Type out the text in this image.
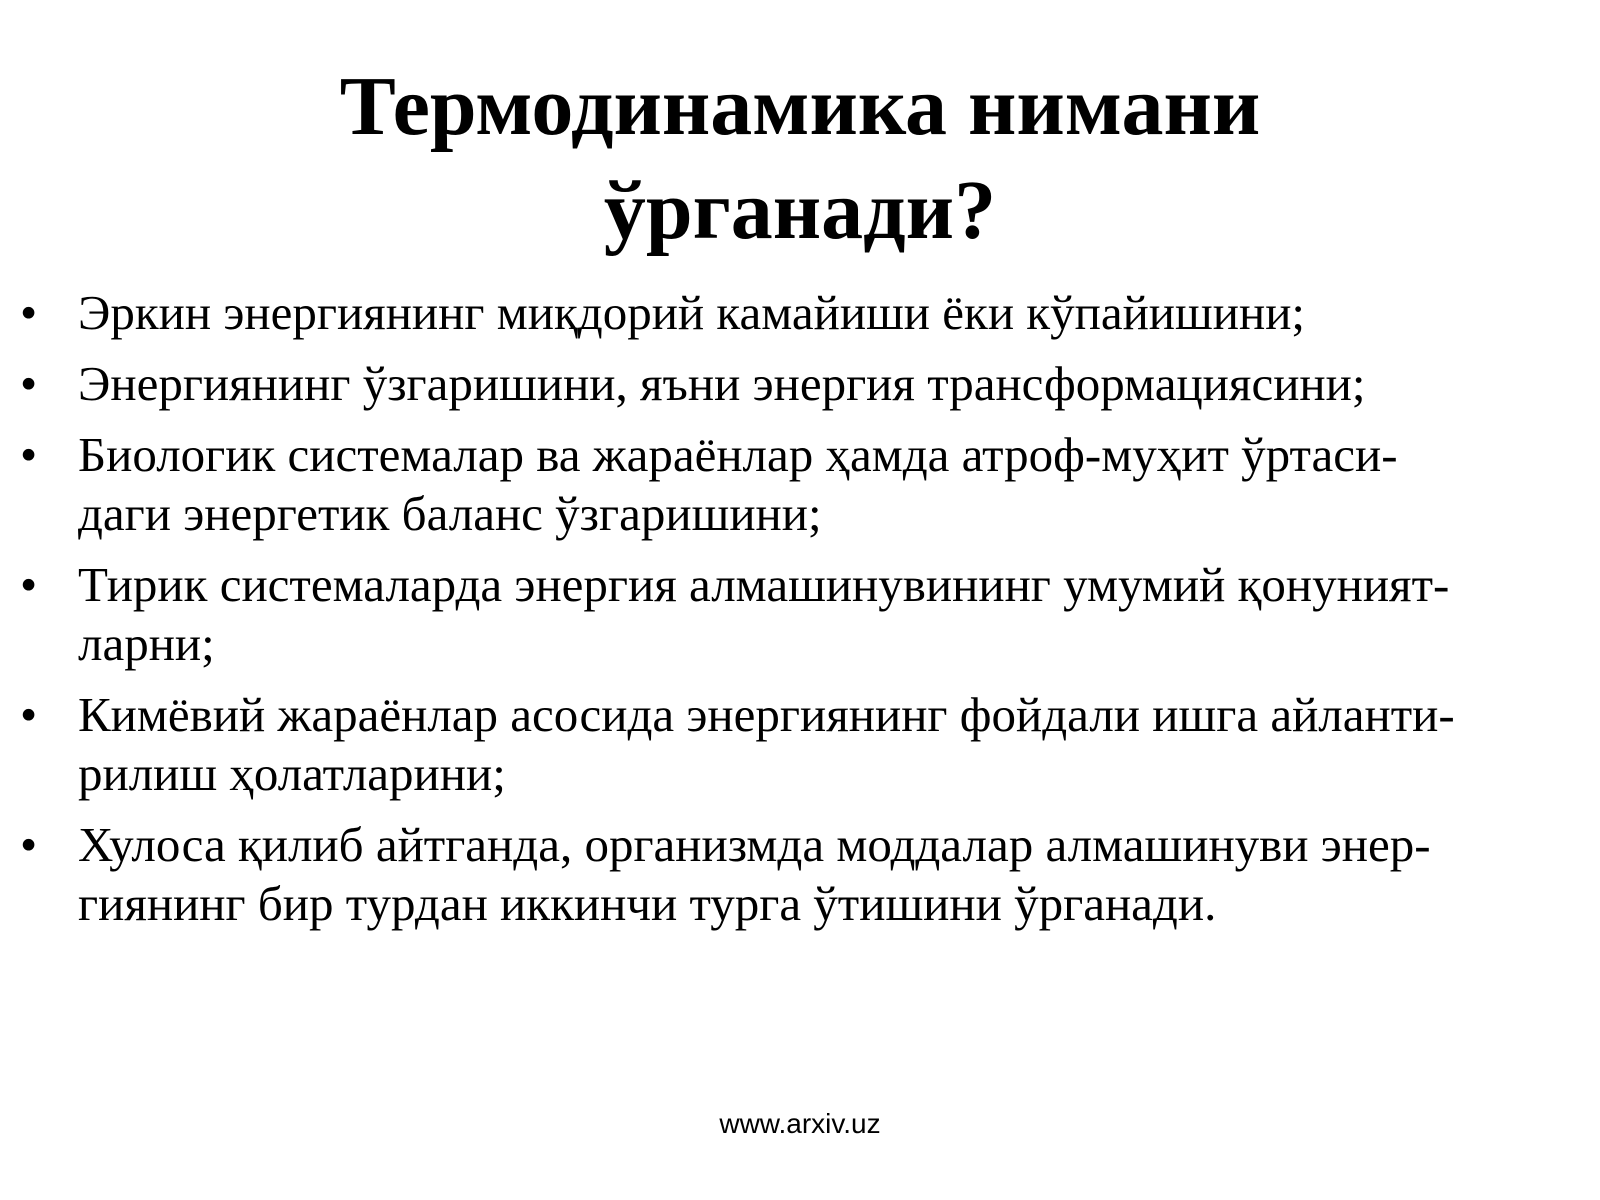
Термодинамика нимани
ўрганади?
• Эркин энергиянинг миқдорий камайиши ёки кўпайишини;
• Энергиянинг ўзгаришини, яъни энергия трансформациясини;
• Биологик системалар ва жараёнлар ҳамда атроф-муҳит ўртаси-
даги энергетик баланс ўзгаришини;
• Тирик системаларда энергия алмашинувининг умумий қонуният-
ларни;
• Кимёвий жараёнлар асосида энергиянинг фойдали ишга айланти-
рилиш ҳолатларини;
• Хулоса қилиб айтганда, организмда моддалар алмашинуви энер-
гиянинг бир турдан иккинчи турга ўтишини ўрганади.
www.arxiv.uz
